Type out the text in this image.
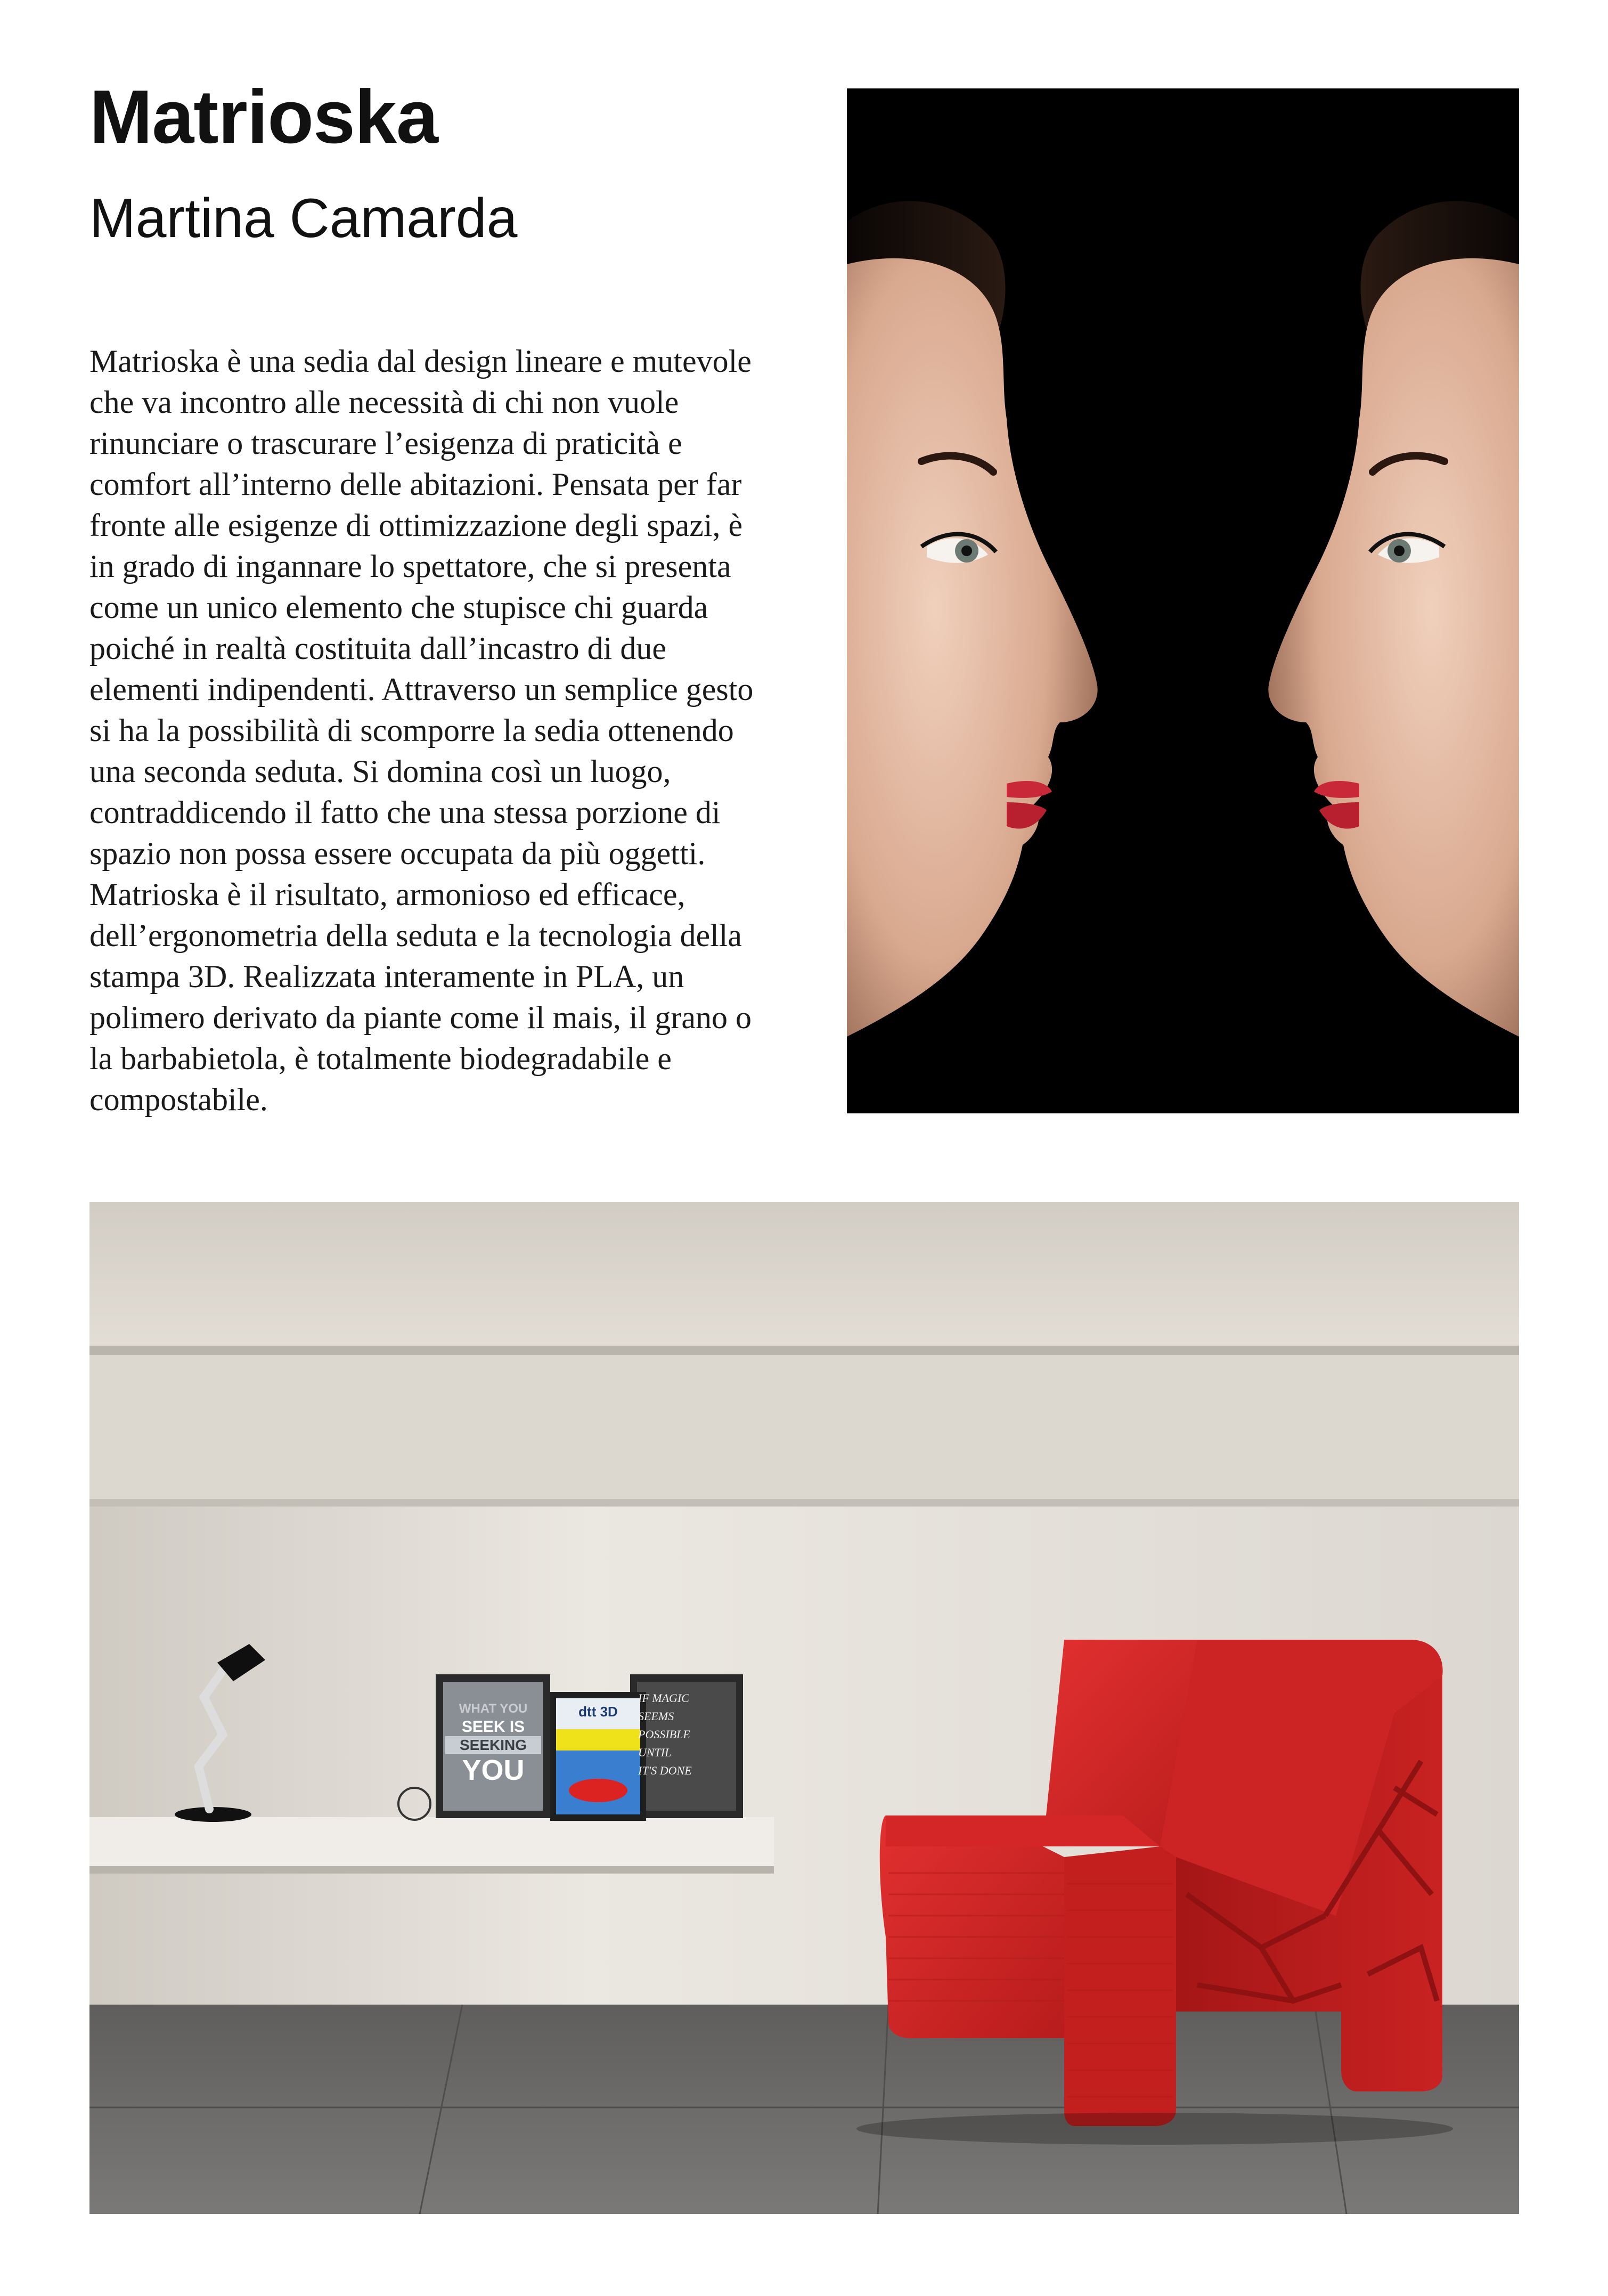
Matrioska
Martina Camarda

Matrioska è una sedia dal design lineare e mutevole che va incontro alle necessità di chi non vuole rinunciare o trascurare l’esigenza di praticità e comfort all’interno delle abitazioni. Pensata per far fronte alle esigenze di ottimizzazione degli spazi, è in grado di ingannare lo spettatore, che si presenta come un unico elemento che stupisce chi guarda poiché in realtà costituita dall’incastro di due elementi indipendenti. Attraverso un semplice gesto si ha la possibilità di scomporre la sedia ottenendo una seconda seduta. Si domina così un luogo, contraddicendo il fatto che una stessa porzione di spazio non possa essere occupata da più oggetti. Matrioska è il risultato, armonioso ed efficace, dell’ergonometria della seduta e la tecnologia della stampa 3D. Realizzata interamente in PLA, un polimero derivato da piante come il mais, il grano o la barbabietola, è totalmente biodegradabile e compostabile.

WHAT YOU
SEEK IS
SEEKING
YOU
dtt 3D
IF MAGIC
SEEMS
POSSIBLE
UNTIL
IT'S DONE
